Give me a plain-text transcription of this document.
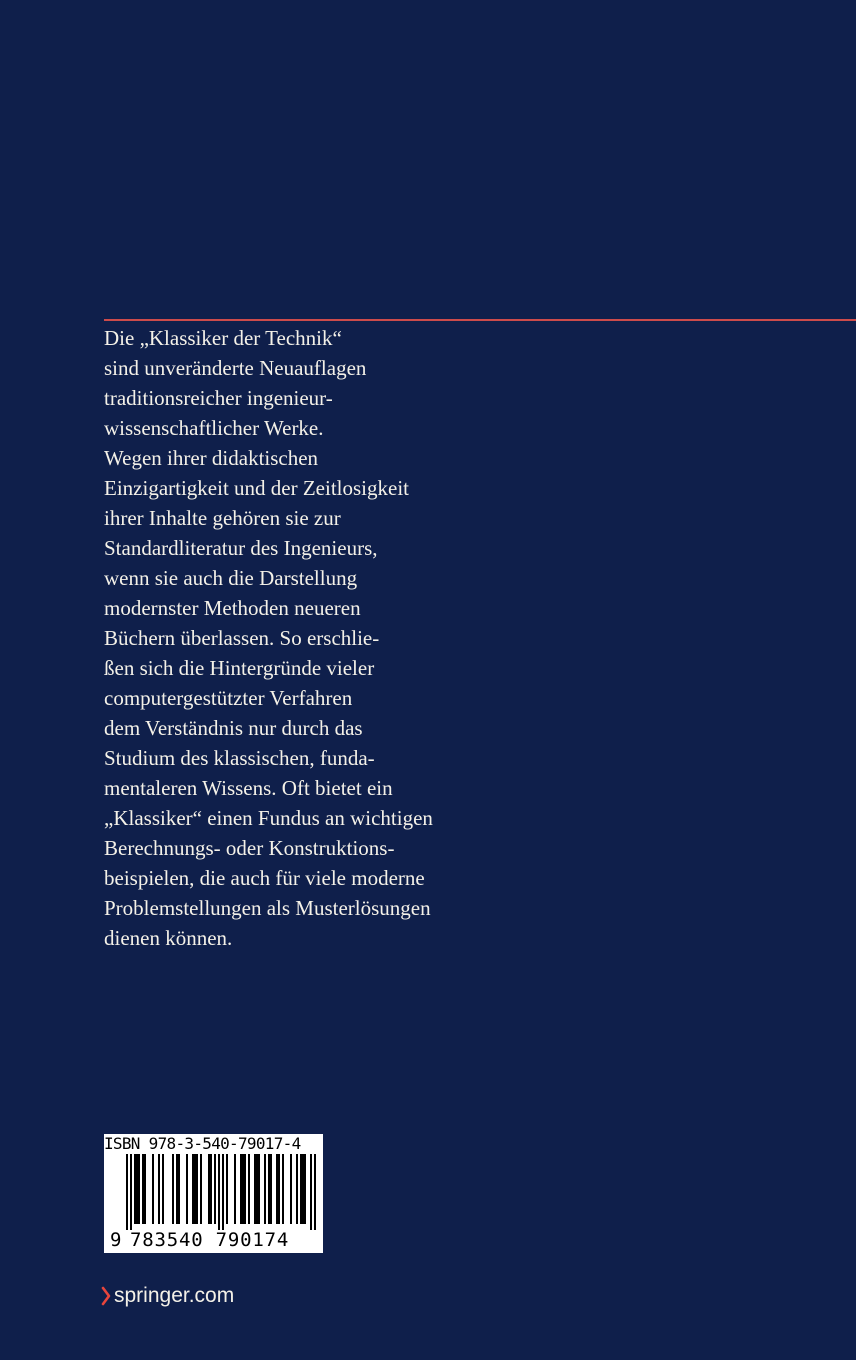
Die „Klassiker der Technik“
sind unveränderte Neuauflagen
traditionsreicher ingenieur-
wissenschaftlicher Werke.
Wegen ihrer didaktischen
Einzigartigkeit und der Zeitlosigkeit
ihrer Inhalte gehören sie zur
Standardliteratur des Ingenieurs,
wenn sie auch die Darstellung
modernster Methoden neueren
Büchern überlassen. So erschlie-
ßen sich die Hintergründe vieler
computergestützter Verfahren
dem Verständnis nur durch das
Studium des klassischen, funda-
mentaleren Wissens. Oft bietet ein
„Klassiker“ einen Fundus an wichtigen
Berechnungs- oder Konstruktions-
beispielen, die auch für viele moderne
Problemstellungen als Musterlösungen
dienen können.
ISBN 978-3-540-79017-4
9 783540 790174
springer.com
